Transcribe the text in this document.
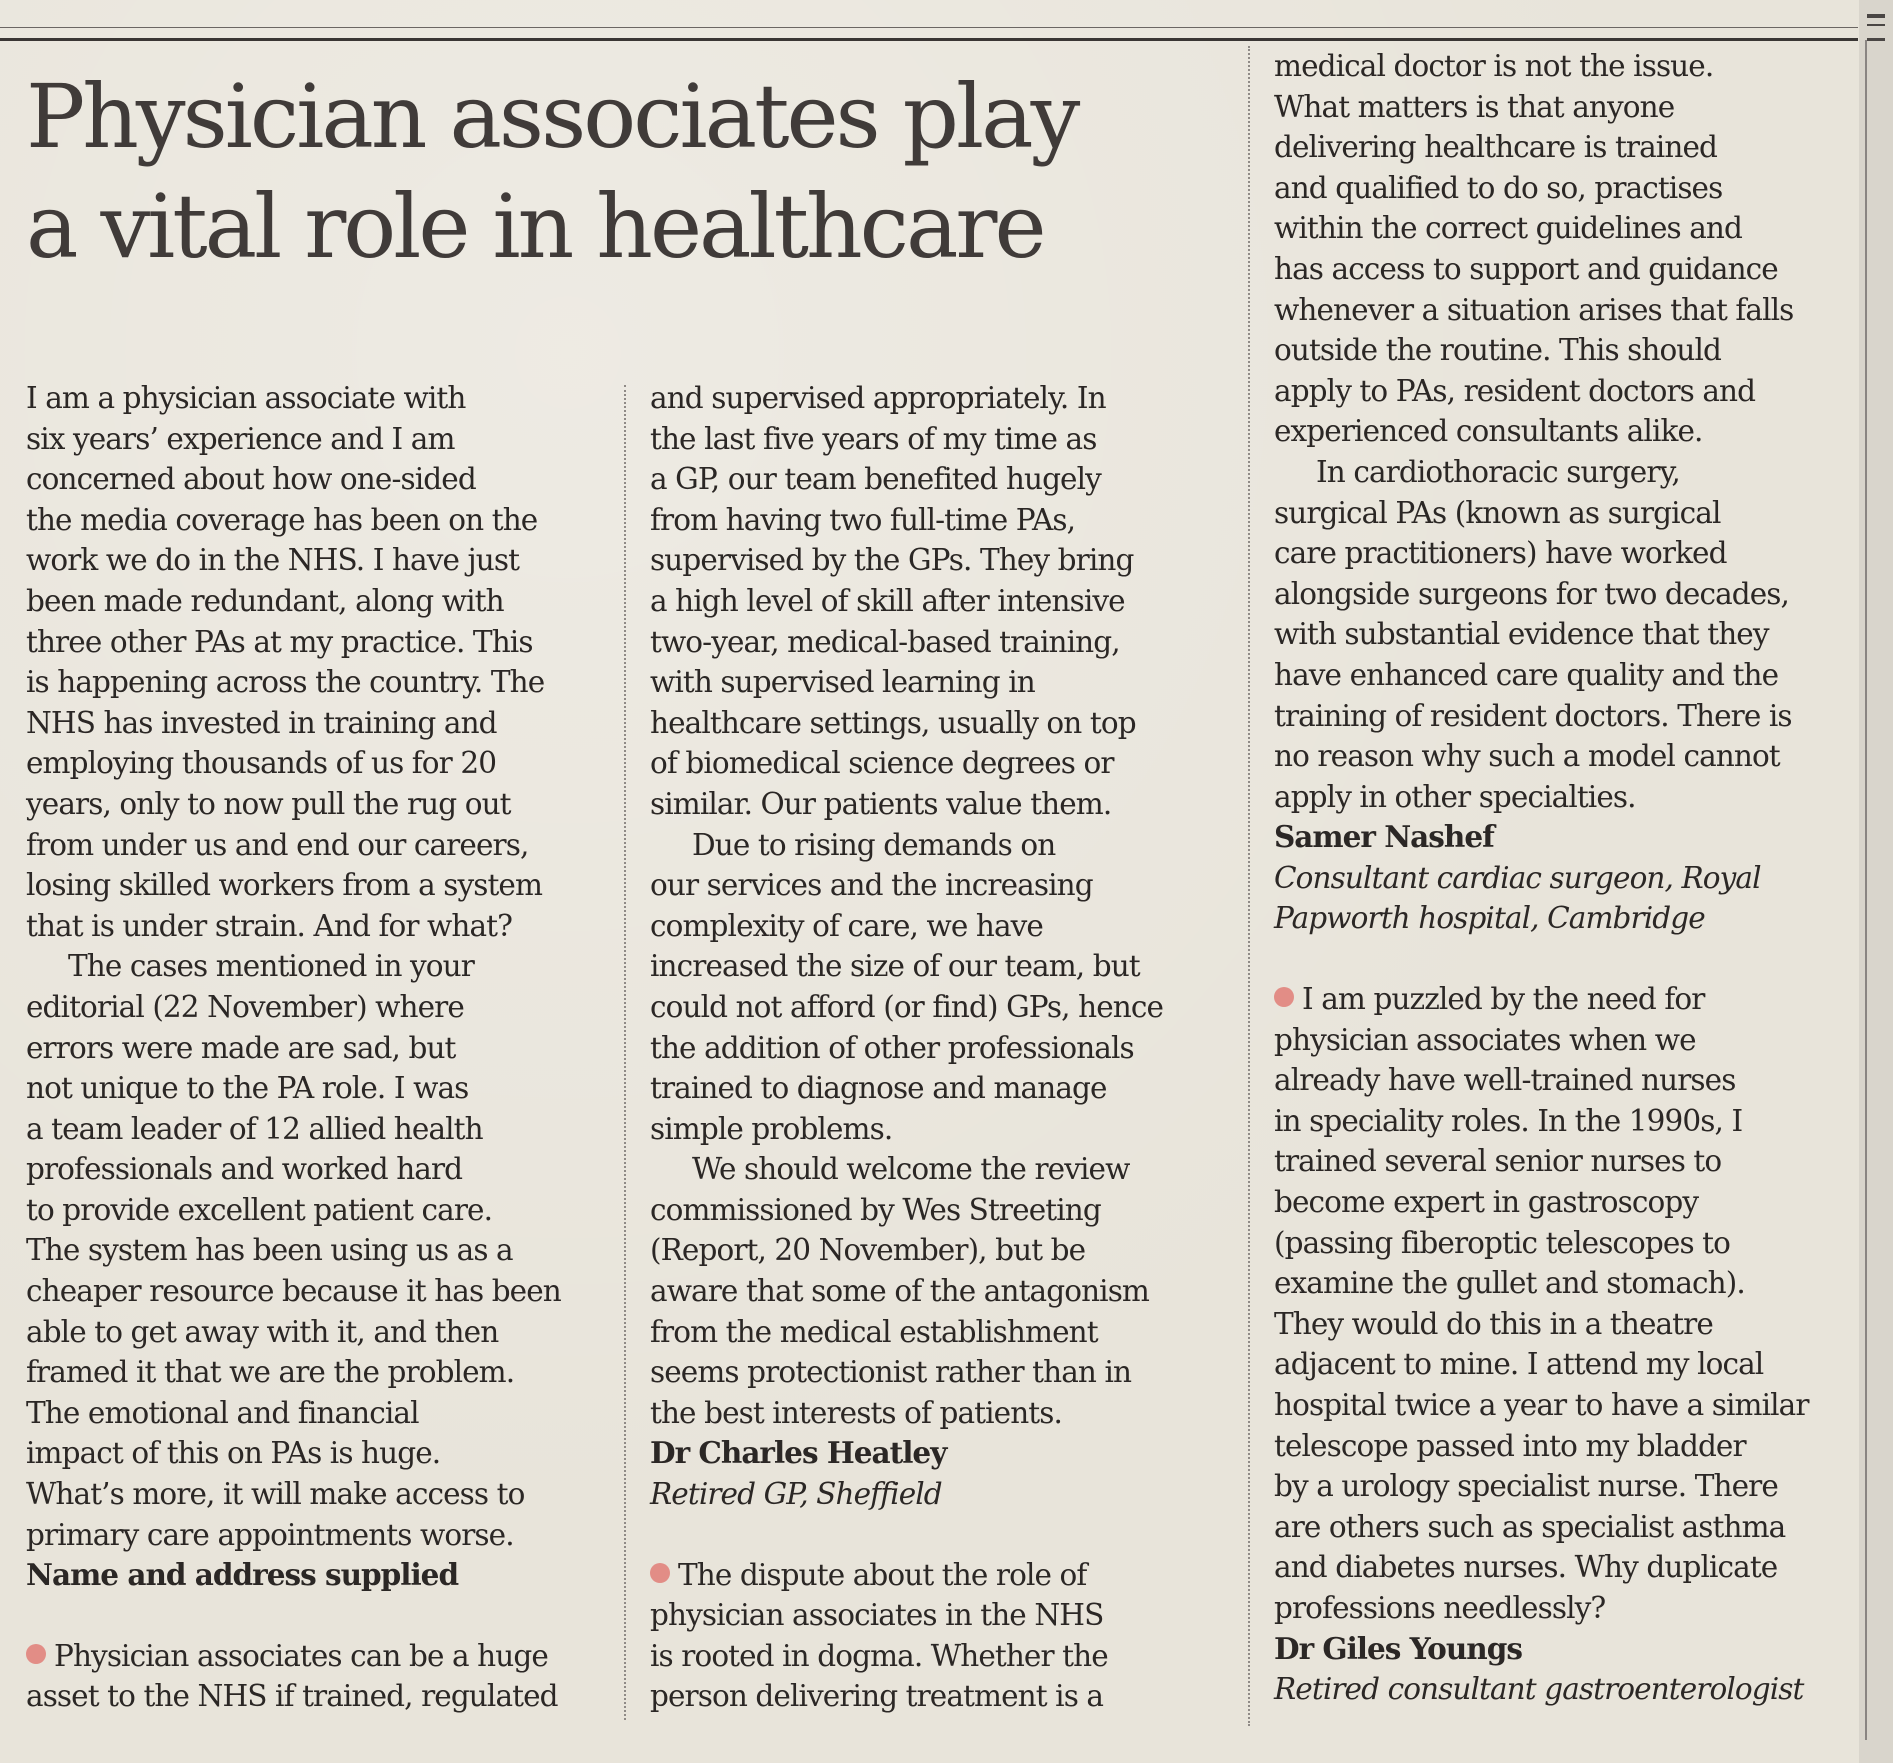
Physician associates play
a vital role in healthcare

I am a physician associate with

six years’ experience and I am

concerned about how one-sided

the media coverage has been on the

work we do in the NHS. I have just

been made redundant, along with

three other PAs at my practice. This

is happening across the country. The

NHS has invested in training and

employing thousands of us for 20

years, only to now pull the rug out

from under us and end our careers,

losing skilled workers from a system

that is under strain. And for what?

The cases mentioned in your

editorial (22 November) where

errors were made are sad, but

not unique to the PA role. I was

a team leader of 12 allied health

professionals and worked hard

to provide excellent patient care.

The system has been using us as a

cheaper resource because it has been

able to get away with it, and then

framed it that we are the problem.

The emotional and financial

impact of this on PAs is huge.

What’s more, it will make access to

primary care appointments worse.

Name and address supplied

Physician associates can be a huge

asset to the NHS if trained, regulated

and supervised appropriately. In

the last five years of my time as

a GP, our team benefited hugely

from having two full-time PAs,

supervised by the GPs. They bring

a high level of skill after intensive

two-year, medical-based training,

with supervised learning in

healthcare settings, usually on top

of biomedical science degrees or

similar. Our patients value them.

Due to rising demands on

our services and the increasing

complexity of care, we have

increased the size of our team, but

could not afford (or find) GPs, hence

the addition of other professionals

trained to diagnose and manage

simple problems.

We should welcome the review

commissioned by Wes Streeting

(Report, 20 November), but be

aware that some of the antagonism

from the medical establishment

seems protectionist rather than in

the best interests of patients.

Dr Charles Heatley
Retired GP, Sheffield

The dispute about the role of

physician associates in the NHS

is rooted in dogma. Whether the

person delivering treatment is a

medical doctor is not the issue.

What matters is that anyone

delivering healthcare is trained

and qualified to do so, practises

within the correct guidelines and

has access to support and guidance

whenever a situation arises that falls

outside the routine. This should

apply to PAs, resident doctors and

experienced consultants alike.

In cardiothoracic surgery,

surgical PAs (known as surgical

care practitioners) have worked

alongside surgeons for two decades,

with substantial evidence that they

have enhanced care quality and the

training of resident doctors. There is

no reason why such a model cannot

apply in other specialties.

Samer Nashef
Consultant cardiac surgeon, Royal
Papworth hospital, Cambridge

I am puzzled by the need for

physician associates when we

already have well-trained nurses

in speciality roles. In the 1990s, I

trained several senior nurses to

become expert in gastroscopy

(passing fiberoptic telescopes to

examine the gullet and stomach).

They would do this in a theatre

adjacent to mine. I attend my local

hospital twice a year to have a similar

telescope passed into my bladder

by a urology specialist nurse. There

are others such as specialist asthma

and diabetes nurses. Why duplicate

professions needlessly?

Dr Giles Youngs
Retired consultant gastroenterologist
